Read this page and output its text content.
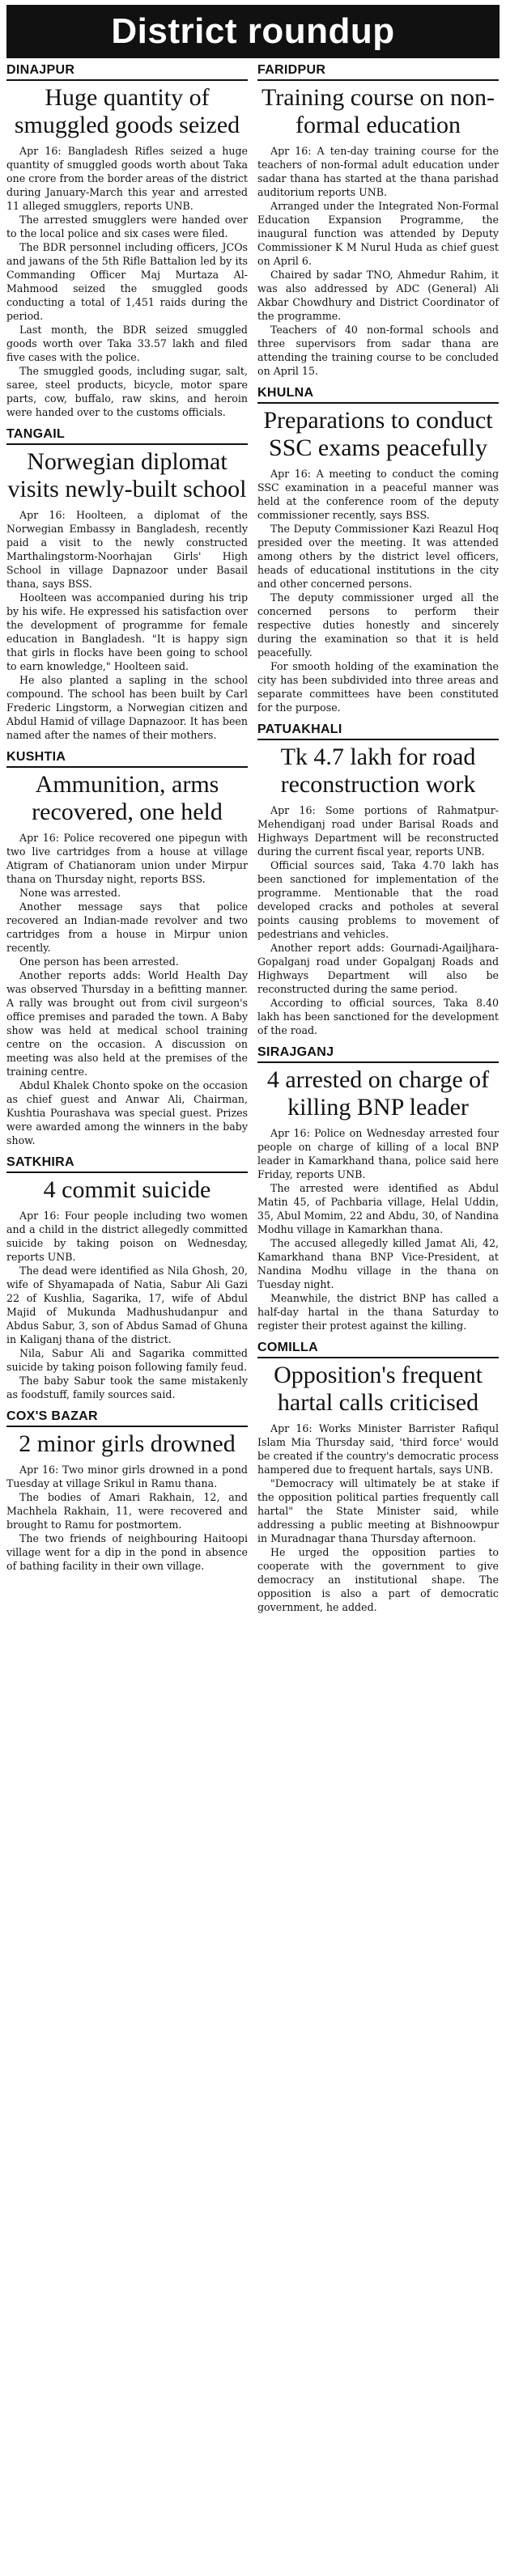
District roundup
DINAJPUR
Huge quantity of smuggled goods seized

Apr 16: Bangladesh Rifles seized a huge quantity of smuggled goods worth about Taka one crore from the border areas of the district during January-March this year and arrested 11 alleged smugglers, reports UNB.

The arrested smugglers were handed over to the local police and six cases were filed.

The BDR personnel including officers, JCOs and jawans of the 5th Rifle Battalion led by its Commanding Officer Maj Murtaza Al-Mahmood seized the smuggled goods conducting a total of 1,451 raids during the period.

Last month, the BDR seized smuggled goods worth over Taka 33.57 lakh and filed five cases with the police.

The smuggled goods, including sugar, salt, saree, steel products, bicycle, motor spare parts, cow, buffalo, raw skins, and heroin were handed over to the customs officials.

TANGAIL
Norwegian diplomat visits newly-built school

Apr 16: Hoolteen, a diplomat of the Norwegian Embassy in Bangladesh, recently paid a visit to the newly constructed Marthalingstorm-Noorhajan Girls' High School in village Dapnazoor under Basail thana, says BSS.

Hoolteen was accompanied during his trip by his wife. He expressed his satisfaction over the development of programme for female education in Bangladesh. "It is happy sign that girls in flocks have been going to school to earn knowledge," Hoolteen said.

He also planted a sapling in the school compound. The school has been built by Carl Frederic Lingstorm, a Norwegian citizen and Abdul Hamid of village Dapnazoor. It has been named after the names of their mothers.

KUSHTIA
Ammunition, arms recovered, one held

Apr 16: Police recovered one pipegun with two live cartridges from a house at village Atigram of Chatianoram union under Mirpur thana on Thursday night, reports BSS.

None was arrested.

Another message says that police recovered an Indian-made revolver and two cartridges from a house in Mirpur union recently.

One person has been arrested.

Another reports adds: World Health Day was observed Thursday in a befitting manner. A rally was brought out from civil surgeon's office premises and paraded the town. A Baby show was held at medical school training centre on the occasion. A discussion on meeting was also held at the premises of the training centre.

Abdul Khalek Chonto spoke on the occasion as chief guest and Anwar Ali, Chairman, Kushtia Pourashava was special guest. Prizes were awarded among the winners in the baby show.

SATKHIRA
4 commit suicide

Apr 16: Four people including two women and a child in the district allegedly committed suicide by taking poison on Wednesday, reports UNB.

The dead were identified as Nila Ghosh, 20, wife of Shyamapada of Natia, Sabur Ali Gazi 22 of Kushlia, Sagarika, 17, wife of Abdul Majid of Mukunda Madhushudanpur and Abdus Sabur, 3, son of Abdus Samad of Ghuna in Kaliganj thana of the district.

Nila, Sabur Ali and Sagarika committed suicide by taking poison following family feud.

The baby Sabur took the same mistakenly as foodstuff, family sources said.

COX'S BAZAR
2 minor girls drowned

Apr 16: Two minor girls drowned in a pond Tuesday at village Srikul in Ramu thana.

The bodies of Amari Rakhain, 12, and Machhela Rakhain, 11, were recovered and brought to Ramu for postmortem.

The two friends of neighbouring Haitoopi village went for a dip in the pond in absence of bathing facility in their own village.

FARIDPUR
Training course on non-formal education

Apr 16: A ten-day training course for the teachers of non-formal adult education under sadar thana has started at the thana parishad auditorium reports UNB.

Arranged under the Integrated Non-Formal Education Expansion Programme, the inaugural function was attended by Deputy Commissioner K M Nurul Huda as chief guest on April 6.

Chaired by sadar TNO, Ahmedur Rahim, it was also addressed by ADC (General) Ali Akbar Chowdhury and District Coordinator of the programme.

Teachers of 40 non-formal schools and three supervisors from sadar thana are attending the training course to be concluded on April 15.

KHULNA
Preparations to conduct SSC exams peacefully

Apr 16: A meeting to conduct the coming SSC examination in a peaceful manner was held at the conference room of the deputy commissioner recently, says BSS.

The Deputy Commissioner Kazi Reazul Hoq presided over the meeting. It was attended among others by the district level officers, heads of educational institutions in the city and other concerned persons.

The deputy commissioner urged all the concerned persons to perform their respective duties honestly and sincerely during the examination so that it is held peacefully.

For smooth holding of the examination the city has been subdivided into three areas and separate committees have been constituted for the purpose.

PATUAKHALI
Tk 4.7 lakh for road reconstruction work

Apr 16: Some portions of Rahmatpur-Mehendiganj road under Barisal Roads and Highways Department will be reconstructed during the current fiscal year, reports UNB.

Official sources said, Taka 4.70 lakh has been sanctioned for implementation of the programme. Mentionable that the road developed cracks and potholes at several points causing problems to movement of pedestrians and vehicles.

Another report adds: Gournadi-Agailjhara-Gopalganj road under Gopalganj Roads and Highways Department will also be reconstructed during the same period.

According to official sources, Taka 8.40 lakh has been sanctioned for the development of the road.

SIRAJGANJ
4 arrested on charge of killing BNP leader

Apr 16: Police on Wednesday arrested four people on charge of killing of a local BNP leader in Kamarkhand thana, police said here Friday, reports UNB.

The arrested were identified as Abdul Matin 45, of Pachbaria village, Helal Uddin, 35, Abul Momim, 22 and Abdu, 30, of Nandina Modhu village in Kamarkhan thana.

The accused allegedly killed Jamat Ali, 42, Kamarkhand thana BNP Vice-President, at Nandina Modhu village in the thana on Tuesday night.

Meanwhile, the district BNP has called a half-day hartal in the thana Saturday to register their protest against the killing.

COMILLA
Opposition's frequent hartal calls criticised

Apr 16: Works Minister Barrister Rafiqul Islam Mia Thursday said, 'third force' would be created if the country's democratic process hampered due to frequent hartals, says UNB.

"Democracy will ultimately be at stake if the opposition political parties frequently call hartal" the State Minister said, while addressing a public meeting at Bishnoowpur in Muradnagar thana Thursday afternoon.

He urged the opposition parties to cooperate with the government to give democracy an institutional shape. The opposition is also a part of democratic government, he added.
